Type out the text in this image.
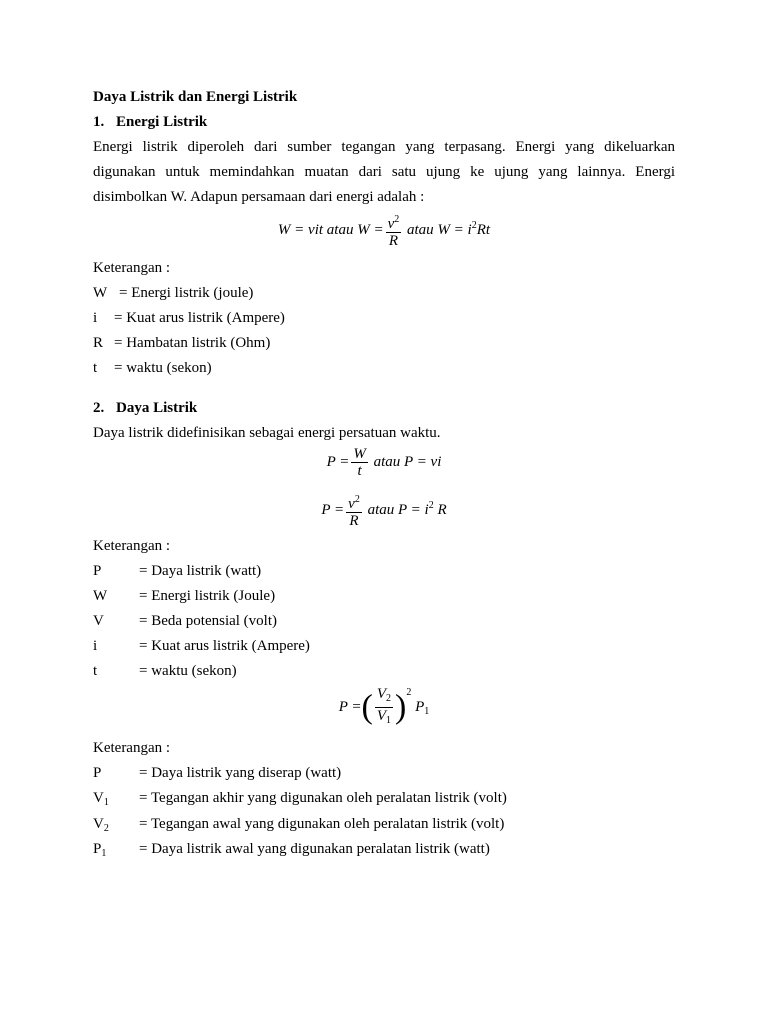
Daya Listrik dan Energi Listrik
1. Energi Listrik
Energi listrik diperoleh dari sumber tegangan yang terpasang. Energi yang dikeluarkan
digunakan untuk memindahkan muatan dari satu ujung ke ujung yang lainnya. Energi
disimbolkan W. Adapun persamaan dari energi adalah :
W = vit atau $W = \frac{v^2}{R}$ atau $W = i^2Rt$
Keterangan :
W = Energi listrik (joule)
i = Kuat arus listrik (Ampere)
R = Hambatan listrik (Ohm)
t = waktu (sekon)
2. Daya Listrik
Daya listrik didefinisikan sebagai energi persatuan waktu.
$P = \frac{W}{t}$ atau P = vi
$P = \frac{v^2}{R}$ atau $P = i^2$ R
Keterangan :
P	= Daya listrik (watt)
W = Energi listrik (Joule)
V = Beda potensial (volt)
i	= Kuat arus listrik (Ampere)
t	= waktu (sekon)
P =( $\frac{V_2}{V_1} )^2$ $P_1$
Keterangan :
P	= Daya listrik yang diserap (watt)
$V_1$ = Tegangan akhir yang digunakan oleh peralatan listrik (volt)
$V_2$ = Tegangan awal yang digunakan oleh peralatan listrik (volt)
$P_1$ = Daya listrik awal yang digunakan peralatan listrik (watt)
